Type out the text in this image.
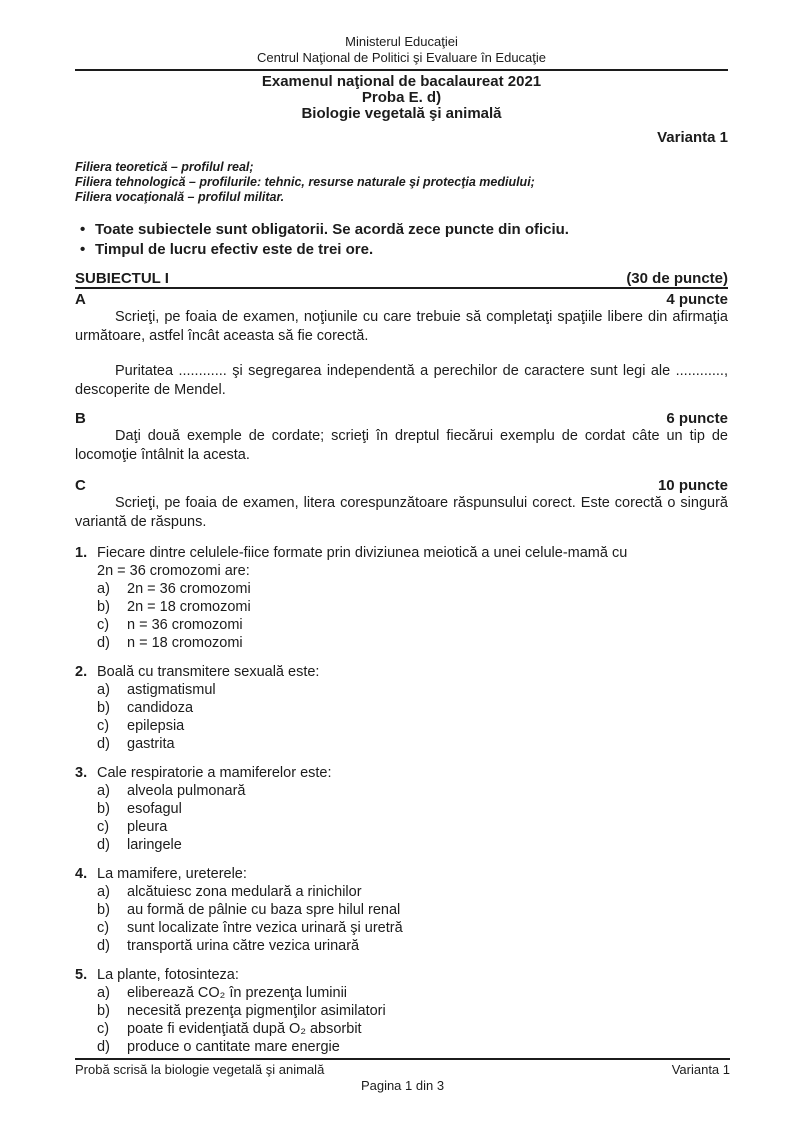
Ministerul Educaţiei
Centrul Naţional de Politici şi Evaluare în Educaţie
Examenul naţional de bacalaureat 2021
Proba E. d)
Biologie vegetală şi animală
Varianta 1
Filiera teoretică – profilul real;
Filiera tehnologică – profilurile: tehnic, resurse naturale şi protecţia mediului;
Filiera vocaţională – profilul militar.
• Toate subiectele sunt obligatorii. Se acordă zece puncte din oficiu.
• Timpul de lucru efectiv este de trei ore.
SUBIECTUL I	(30 de puncte)
A	4 puncte

Scrieţi, pe foaia de examen, noţiunile cu care trebuie să completaţi spaţiile libere din afirmaţia următoare, astfel încât aceasta să fie corectă.

Puritatea ............ şi segregarea independentă a perechilor de caractere sunt legi ale ............, descoperite de Mendel.

B	6 puncte

Daţi două exemple de cordate; scrieţi în dreptul fiecărui exemplu de cordat câte un tip de locomoţie întâlnit la acesta.

C	10 puncte

Scrieţi, pe foaia de examen, litera corespunzătoare răspunsului corect. Este corectă o singură variantă de răspuns.

1. Fiecare dintre celulele-fiice formate prin diviziunea meiotică a unei celule-mamă cu
2n = 36 cromozomi are:
a)	2n = 36 cromozomi
b)	2n = 18 cromozomi
c)	n = 36 cromozomi
d)	n = 18 cromozomi
2. Boală cu transmitere sexuală este:
a)	astigmatismul
b)	candidoza
c)	epilepsia
d)	gastrita
3. Cale respiratorie a mamiferelor este:
a)	alveola pulmonară
b)	esofagul
c)	pleura
d)	laringele
4. La mamifere, ureterele:
a)	alcătuiesc zona medulară a rinichilor
b)	au formă de pâlnie cu baza spre hilul renal
c)	sunt localizate între vezica urinară şi uretră
d)	transportă urina către vezica urinară
5. La plante, fotosinteza:
a)	eliberează CO₂ în prezenţa luminii
b)	necesită prezenţa pigmenţilor asimilatori
c)	poate fi evidenţiată după O₂ absorbit
d)	produce o cantitate mare energie
Probă scrisă la biologie vegetală şi animală	Varianta 1
Pagina 1 din 3
